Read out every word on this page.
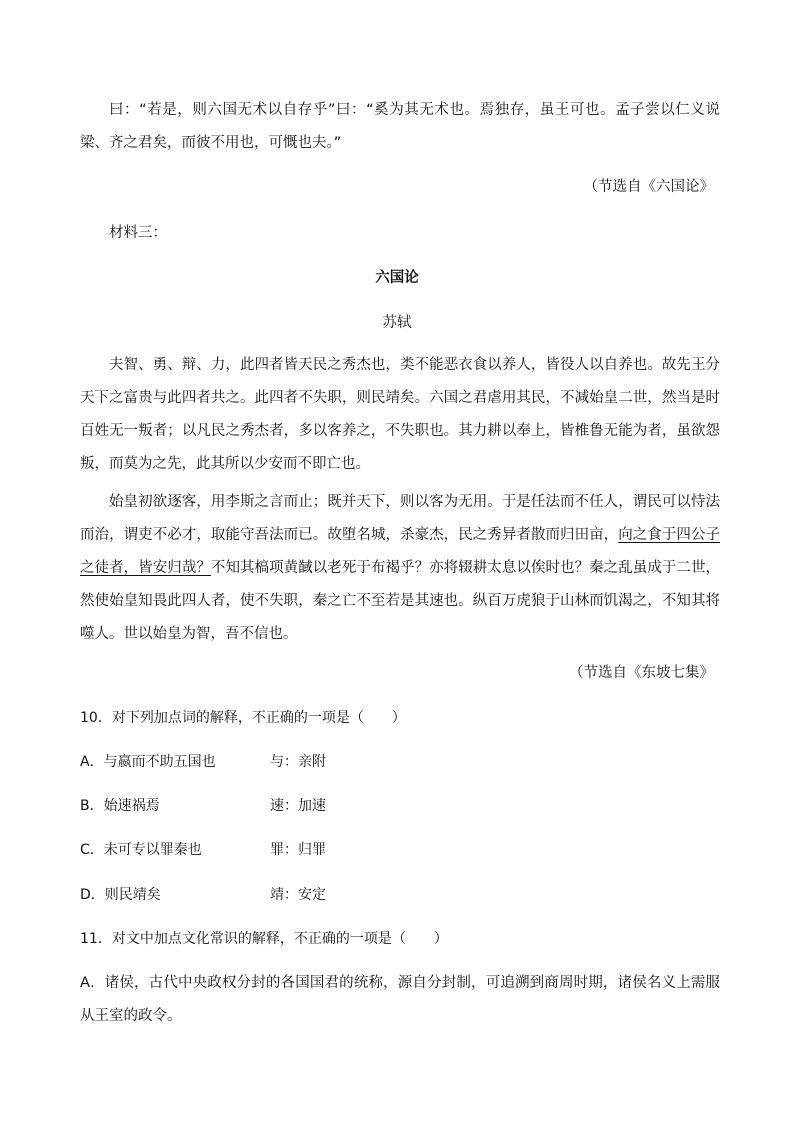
曰：“若是，则六国无术以自存乎”曰：“奚为其无术也。焉独存，虽王可也。孟子尝以仁义说梁、齐之君矣，而彼不用也，可慨也夫。”

（节选自《六国论》

材料三：

六国论

苏轼

夫智、勇、辩、力，此四者皆天民之秀杰也，类不能恶衣食以养人，皆役人以自养也。故先王分天下之富贵与此四者共之。此四者不失职，则民靖矣。六国之君虐用其民，不减始皇二世，然当是时百姓无一叛者；以凡民之秀杰者，多以客养之，不失职也。其力耕以奉上，皆椎鲁无能为者，虽欲怨叛，而莫为之先，此其所以少安而不即亡也。

始皇初欲逐客，用李斯之言而止；既并天下，则以客为无用。于是任法而不任人，谓民可以恃法而治，谓吏不必才，取能守吾法而已。故堕名城，杀豪杰，民之秀异者散而归田亩，向之食于四公子之徒者，皆安归哉？不知其槁项黄馘以老死于布褐乎？亦将辍耕太息以俟时也？秦之乱虽成于二世，然使始皇知畏此四人者，使不失职，秦之亡不至若是其速也。纵百万虎狼于山林而饥渴之，不知其将噬人。世以始皇为智，吾不信也。

（节选自《东坡七集》

10．对下列加点词的解释，不正确的一项是（　　）

A．与嬴而不助五国也	与：亲附

B．始速祸焉	速：加速

C．未可专以罪秦也	罪：归罪

D．则民靖矣	靖：安定

11．对文中加点文化常识的解释，不正确的一项是（　　）

A．诸侯，古代中央政权分封的各国国君的统称，源自分封制，可追溯到商周时期，诸侯名义上需服从王室的政令。
